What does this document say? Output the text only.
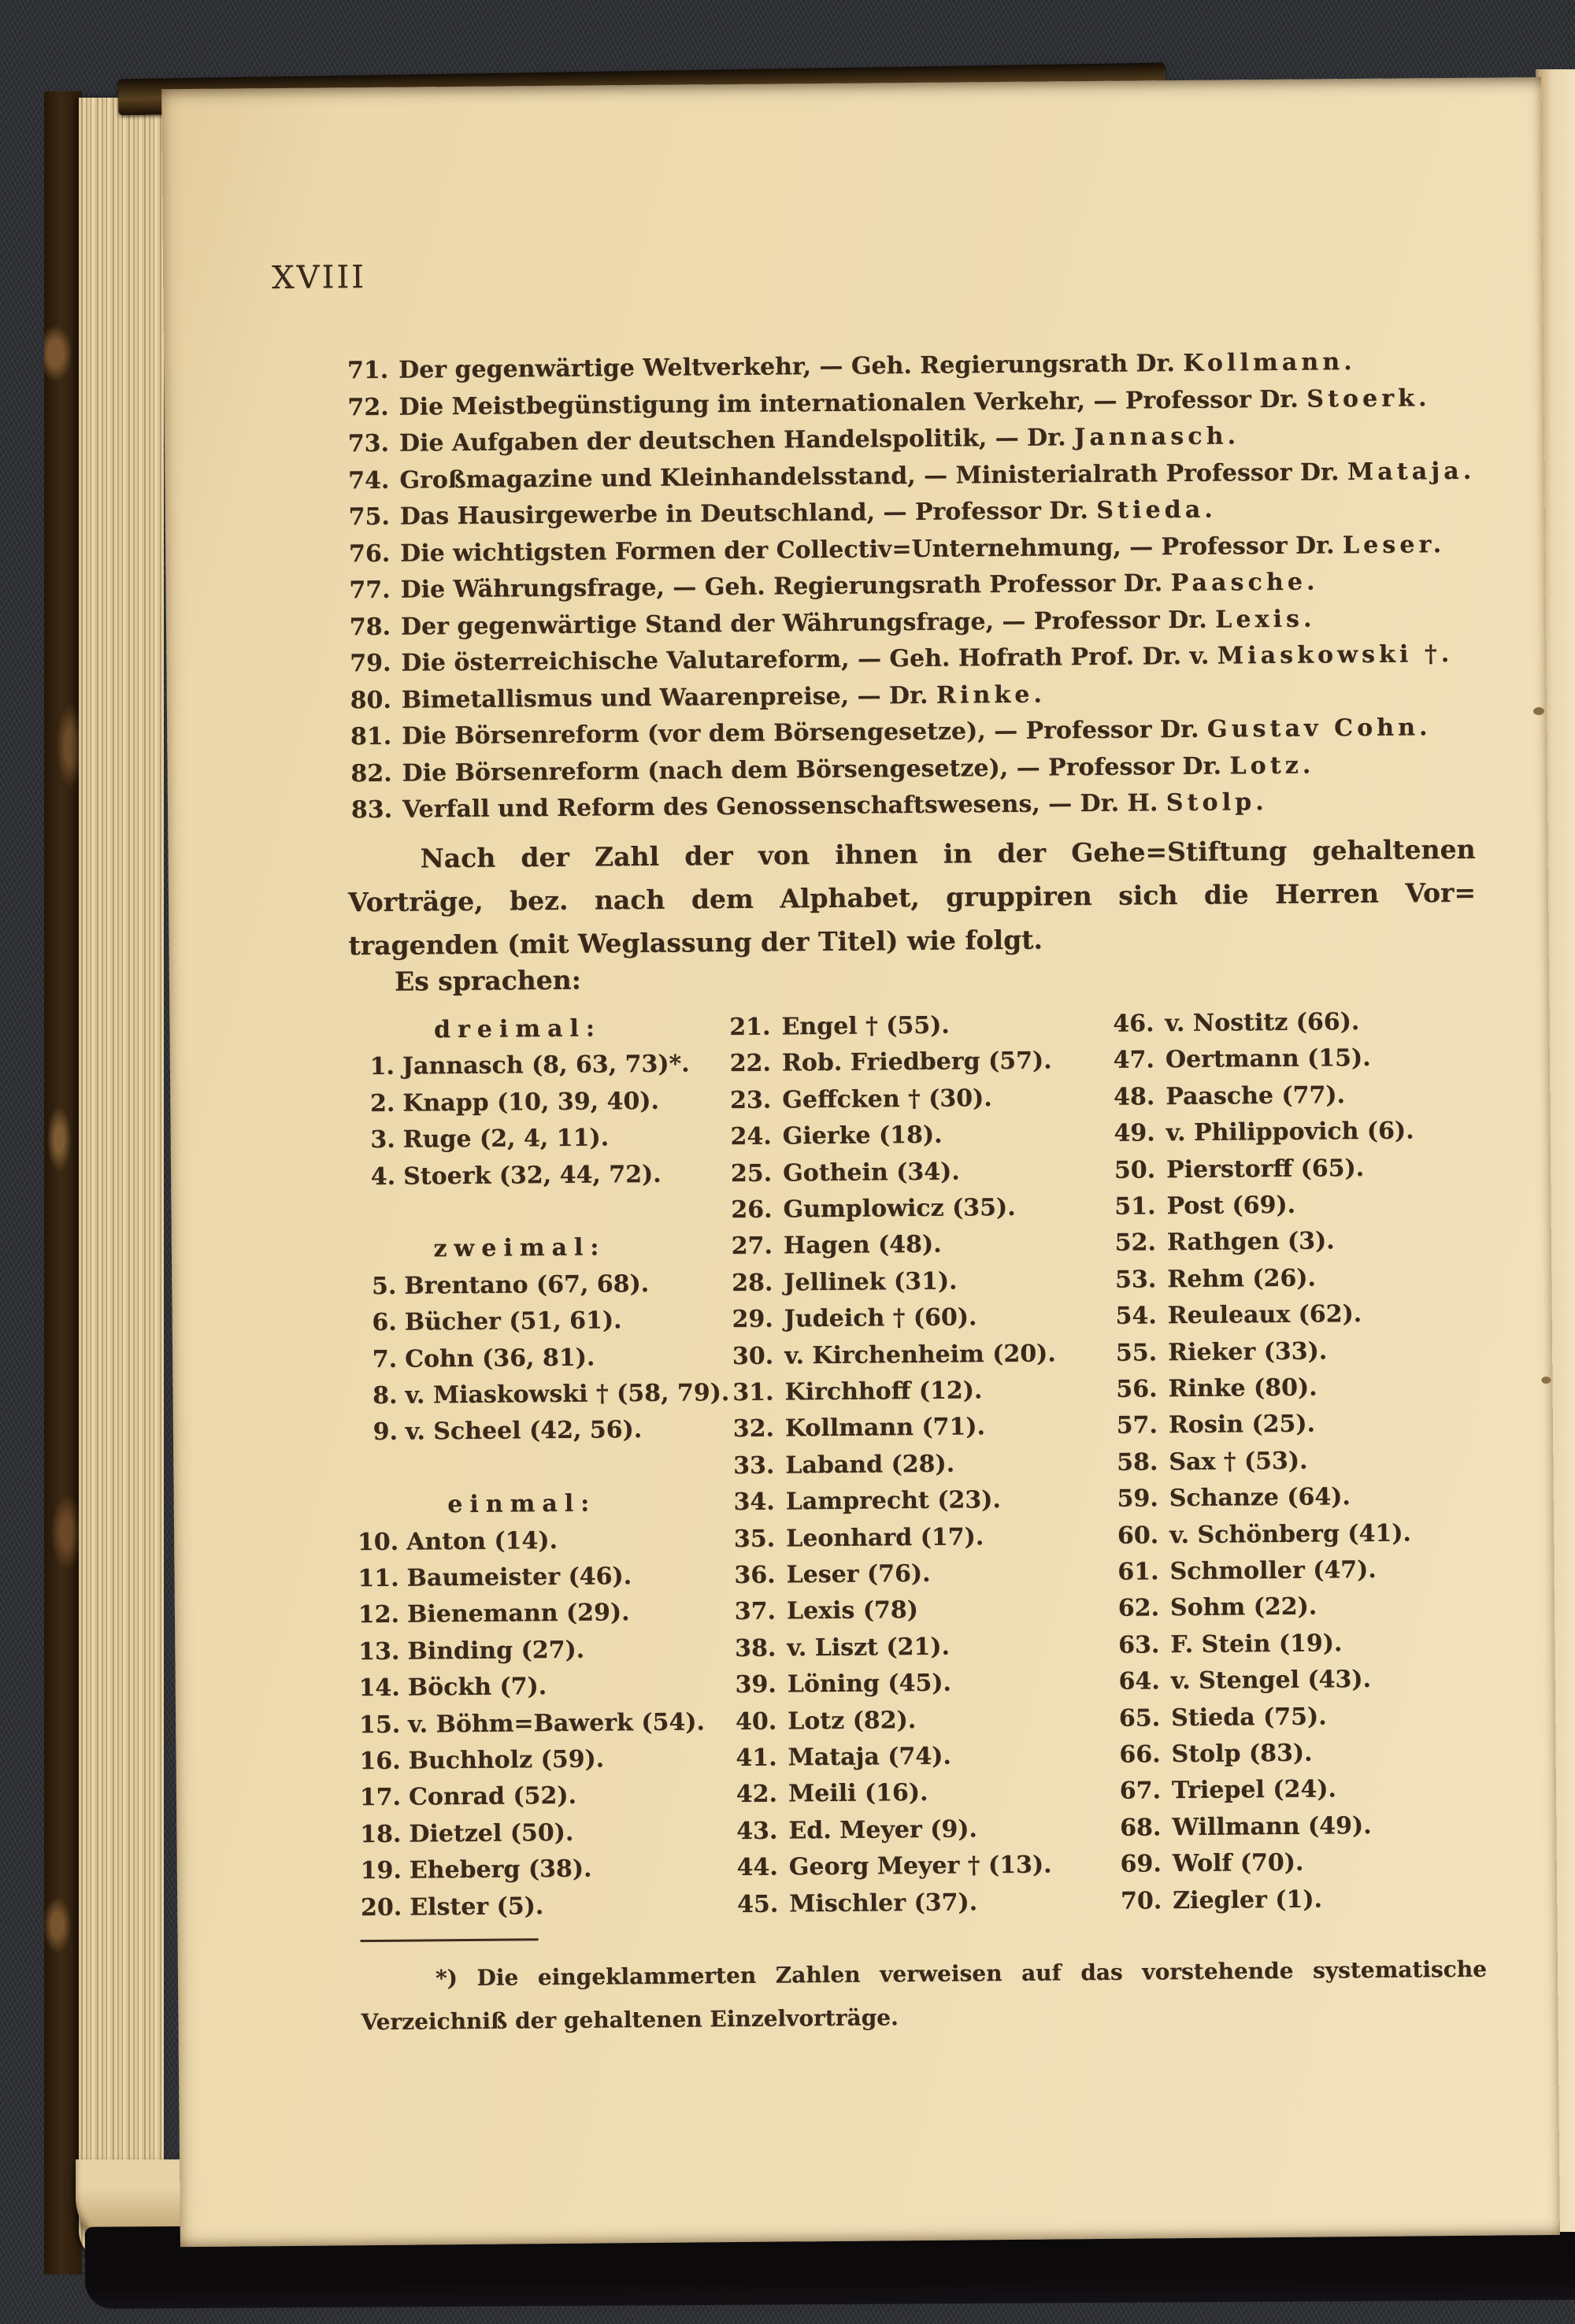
XVIII
71. Der gegenwärtige Weltverkehr, — Geh. Regierungsrath Dr. Kollmann.
72. Die Meistbegünstigung im internationalen Verkehr, — Professor Dr. Stoerk.
73. Die Aufgaben der deutschen Handelspolitik, — Dr. Jannasch.
74. Großmagazine und Kleinhandelsstand, — Ministerialrath Professor Dr. Mataja.
75. Das Hausirgewerbe in Deutschland, — Professor Dr. Stieda.
76. Die wichtigsten Formen der Collectiv=Unternehmung, — Professor Dr. Leser.
77. Die Währungsfrage, — Geh. Regierungsrath Professor Dr. Paasche.
78. Der gegenwärtige Stand der Währungsfrage, — Professor Dr. Lexis.
79. Die österreichische Valutareform, — Geh. Hofrath Prof. Dr. v. Miaskowski †.
80. Bimetallismus und Waarenpreise, — Dr. Rinke.
81. Die Börsenreform (vor dem Börsengesetze), — Professor Dr. Gustav Cohn.
82. Die Börsenreform (nach dem Börsengesetze), — Professor Dr. Lotz.
83. Verfall und Reform des Genossenschaftswesens, — Dr. H. Stolp.
Nach der Zahl der von ihnen in der Gehe=Stiftung gehaltenen
Vorträge, bez. nach dem Alphabet, gruppiren sich die Herren Vor=
tragenden (mit Weglassung der Titel) wie folgt.
Es sprachen:
dreimal:
1. Jannasch (8, 63, 73)*.
2. Knapp (10, 39, 40).
3. Ruge (2, 4, 11).
4. Stoerk (32, 44, 72).
zweimal:
5. Brentano (67, 68).
6. Bücher (51, 61).
7. Cohn (36, 81).
8. v. Miaskowski † (58, 79).
9. v. Scheel (42, 56).
einmal:
10. Anton (14).
11. Baumeister (46).
12. Bienemann (29).
13. Binding (27).
14. Böckh (7).
15. v. Böhm=Bawerk (54).
16. Buchholz (59).
17. Conrad (52).
18. Dietzel (50).
19. Eheberg (38).
20. Elster (5).
21. Engel † (55).
22. Rob. Friedberg (57).
23. Geffcken † (30).
24. Gierke (18).
25. Gothein (34).
26. Gumplowicz (35).
27. Hagen (48).
28. Jellinek (31).
29. Judeich † (60).
30. v. Kirchenheim (20).
31. Kirchhoff (12).
32. Kollmann (71).
33. Laband (28).
34. Lamprecht (23).
35. Leonhard (17).
36. Leser (76).
37. Lexis (78)
38. v. Liszt (21).
39. Löning (45).
40. Lotz (82).
41. Mataja (74).
42. Meili (16).
43. Ed. Meyer (9).
44. Georg Meyer † (13).
45. Mischler (37).
46. v. Nostitz (66).
47. Oertmann (15).
48. Paasche (77).
49. v. Philippovich (6).
50. Pierstorff (65).
51. Post (69).
52. Rathgen (3).
53. Rehm (26).
54. Reuleaux (62).
55. Rieker (33).
56. Rinke (80).
57. Rosin (25).
58. Sax † (53).
59. Schanze (64).
60. v. Schönberg (41).
61. Schmoller (47).
62. Sohm (22).
63. F. Stein (19).
64. v. Stengel (43).
65. Stieda (75).
66. Stolp (83).
67. Triepel (24).
68. Willmann (49).
69. Wolf (70).
70. Ziegler (1).
*) Die eingeklammerten Zahlen verweisen auf das vorstehende systematische
Verzeichniß der gehaltenen Einzelvorträge.
